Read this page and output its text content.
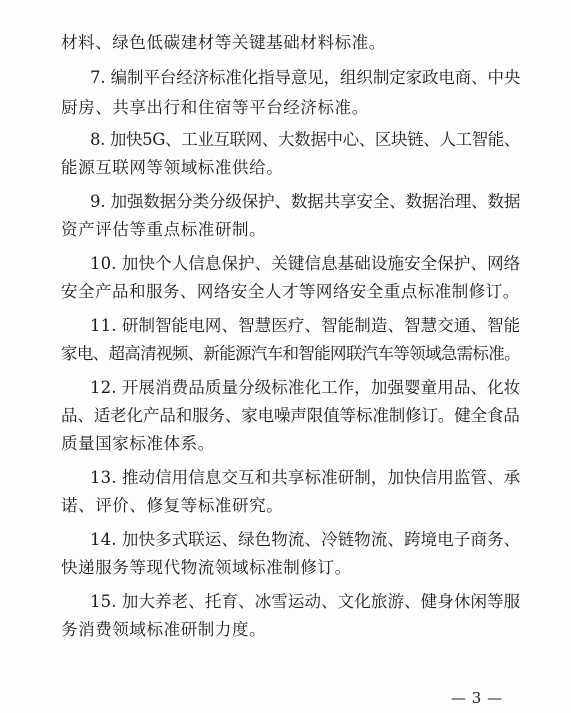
材料、绿色低碳建材等关键基础材料标准。
7. 编制平台经济标准化指导意见，组织制定家政电商、中央
厨房、共享出行和住宿等平台经济标准。
8. 加快5G、工业互联网、大数据中心、区块链、人工智能、
能源互联网等领域标准供给。
9. 加强数据分类分级保护、数据共享安全、数据治理、数据
资产评估等重点标准研制。
10. 加快个人信息保护、关键信息基础设施安全保护、网络
安全产品和服务、网络安全人才等网络安全重点标准制修订。
11. 研制智能电网、智慧医疗、智能制造、智慧交通、智能
家电、超高清视频、新能源汽车和智能网联汽车等领域急需标准。
12. 开展消费品质量分级标准化工作，加强婴童用品、化妆
品、适老化产品和服务、家电噪声限值等标准制修订。健全食品
质量国家标准体系。
13. 推动信用信息交互和共享标准研制，加快信用监管、承
诺、评价、修复等标准研究。
14. 加快多式联运、绿色物流、冷链物流、跨境电子商务、
快递服务等现代物流领域标准制修订。
15. 加大养老、托育、冰雪运动、文化旅游、健身休闲等服
务消费领域标准研制力度。
— 3 —
